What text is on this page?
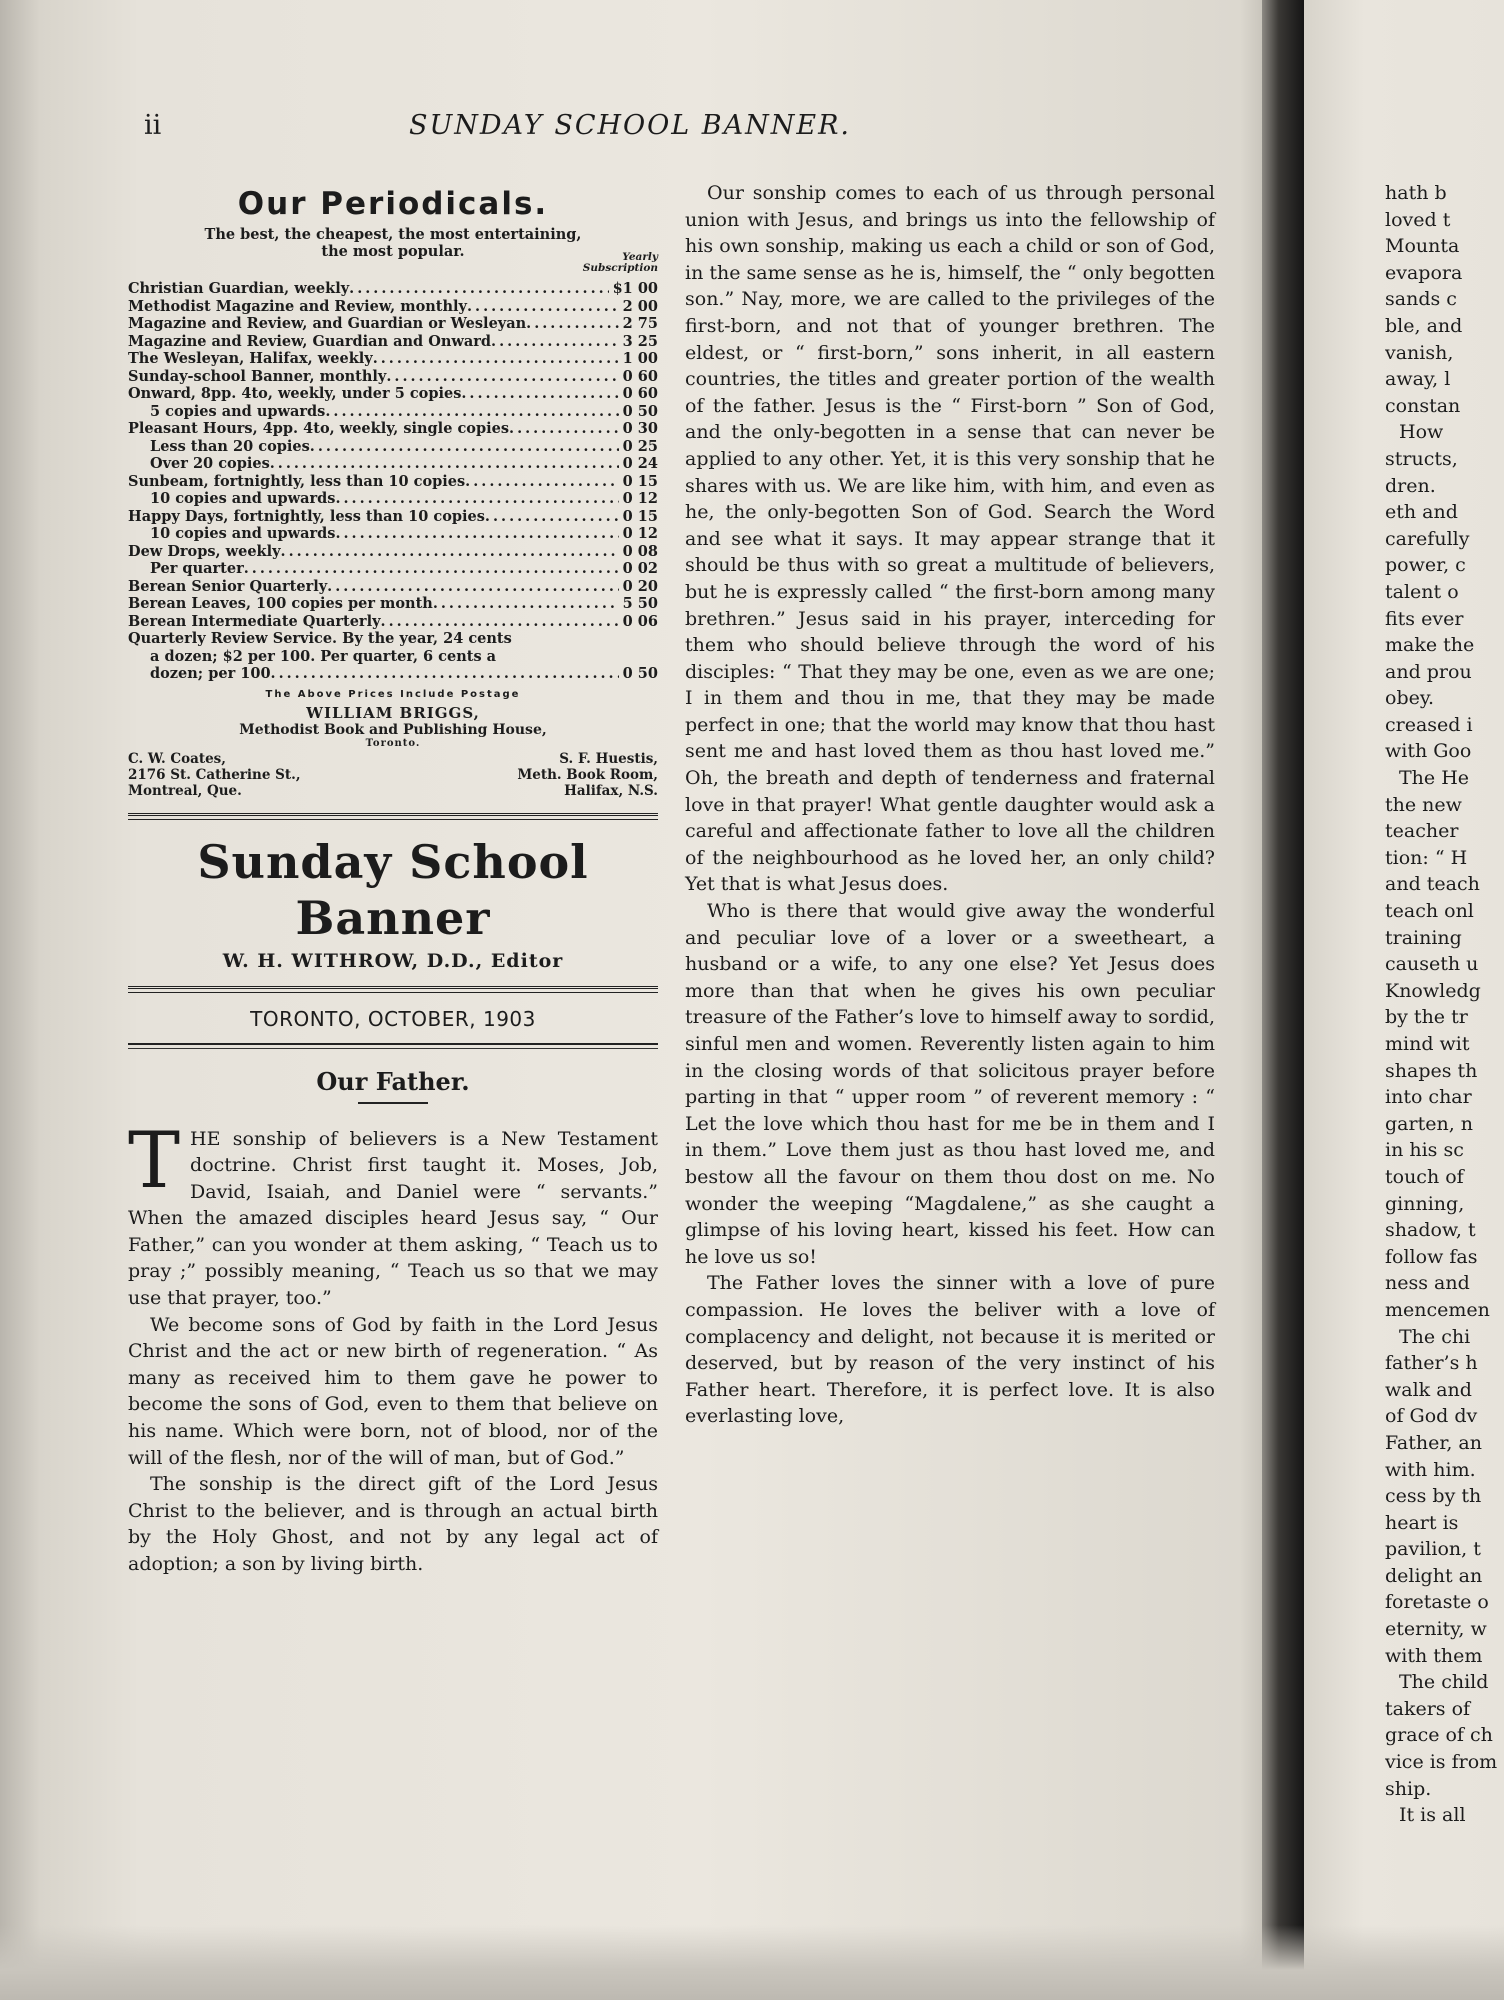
ii	SUNDAY SCHOOL BANNER.
Our Periodicals.
The best, the cheapest, the most entertaining,
the most popular.	Yearly
Subscription
Christian Guardian, weekly .....	$1 00
Methodist Magazine and Review, monthly .....	2 00
Magazine and Review, and Guardian or Wesleyan .....	2 75
Magazine and Review, Guardian and Onward .....	3 25
The Wesleyan, Halifax, weekly .....	1 00
Sunday-school Banner, monthly .....	0 60
Onward, 8pp. 4to, weekly, under 5 copies .....	0 60
5 copies and upwards .....	0 50
Pleasant Hours, 4pp. 4to, weekly, single copies .....	0 30
Less than 20 copies .....	0 25
Over 20 copies .....	0 24
Sunbeam, fortnightly, less than 10 copies .....	0 15
10 copies and upwards .....	0 12
Happy Days, fortnightly, less than 10 copies .....	0 15
10 copies and upwards .....	0 12
Dew Drops, weekly .....	0 08
Per quarter .....	0 02
Berean Senior Quarterly .....	0 20
Berean Leaves, 100 copies per month .....	5 50
Berean Intermediate Quarterly .....	0 06

Quarterly Review Service. By the year, 24 cents

a dozen; $2 per 100. Per quarter, 6 cents a

dozen; per 100 .....	0 50
The Above Prices Include Postage
WILLIAM BRIGGS,
Methodist Book and Publishing House,
Toronto.
C. W. Coates,
2176 St. Catherine St.,
Montreal, Que.
S. F. Huestis,
Meth. Book Room,
Halifax, N.S.
Sunday School Banner
W. H. WITHROW, D.D., Editor
TORONTO, OCTOBER, 1903
Our Father.

THE sonship of believers is a New Testament doctrine. Christ first taught it. Moses, Job, David, Isaiah, and Daniel were “ servants.” When the amazed disciples heard Jesus say, “ Our Father,” can you wonder at them asking, “ Teach us to pray ;” possibly meaning, “ Teach us so that we may use that prayer, too.”

We become sons of God by faith in the Lord Jesus Christ and the act or new birth of regeneration. “ As many as received him to them gave he power to become the sons of God, even to them that believe on his name. Which were born, not of blood, nor of the will of the flesh, nor of the will of man, but of God.”

The sonship is the direct gift of the Lord Jesus Christ to the believer, and is through an actual birth by the Holy Ghost, and not by any legal act of adoption; a son by living birth.

Our sonship comes to each of us through personal union with Jesus, and brings us into the fellowship of his own sonship, making us each a child or son of God, in the same sense as he is, himself, the “ only begotten son.” Nay, more, we are called to the privileges of the first-born, and not that of younger brethren. The eldest, or “ first-born,” sons inherit, in all eastern countries, the titles and greater portion of the wealth of the father. Jesus is the “ First-born ” Son of God, and the only-begotten in a sense that can never be applied to any other. Yet, it is this very sonship that he shares with us. We are like him, with him, and even as he, the only-begotten Son of God. Search the Word and see what it says. It may appear strange that it should be thus with so great a multitude of believers, but he is expressly called “ the first-born among many brethren.” Jesus said in his prayer, interceding for them who should believe through the word of his disciples: “ That they may be one, even as we are one; I in them and thou in me, that they may be made perfect in one; that the world may know that thou hast sent me and hast loved them as thou hast loved me.” Oh, the breath and depth of tenderness and fraternal love in that prayer! What gentle daughter would ask a careful and affectionate father to love all the children of the neighbourhood as he loved her, an only child? Yet that is what Jesus does.

Who is there that would give away the wonderful and peculiar love of a lover or a sweetheart, a husband or a wife, to any one else? Yet Jesus does more than that when he gives his own peculiar treasure of the Father’s love to himself away to sordid, sinful men and women. Reverently listen again to him in the closing words of that solicitous prayer before parting in that “ upper room ” of reverent memory : “ Let the love which thou hast for me be in them and I in them.” Love them just as thou hast loved me, and bestow all the favour on them thou dost on me. No wonder the weeping “Magdalene,” as she caught a glimpse of his loving heart, kissed his feet. How can he love us so!

The Father loves the sinner with a love of pure compassion. He loves the beliver with a love of complacency and delight, not because it is merited or deserved, but by reason of the very instinct of his Father heart. Therefore, it is perfect love. It is also everlasting love,

hath b
loved t
Mounta
evapora
sands c
ble, and
vanish,
away, l
constan
How
structs,
dren.
eth and
carefully
power, c
talent o
fits ever
make the
and prou
obey.
creased i
with Goo
The He
the new
teacher
tion: “ H
and teach
teach onl
training
causeth u
Knowledg
by the tr
mind wit
shapes th
into char
garten, n
in his sc
touch of
ginning,
shadow, t
follow fas
ness and
mencemen
The chi
father’s h
walk and
of God dv
Father, an
with him.
cess by th
heart is
pavilion, t
delight an
foretaste o
eternity, w
with them
The child
takers of
grace of ch
vice is from
ship.
It is all
